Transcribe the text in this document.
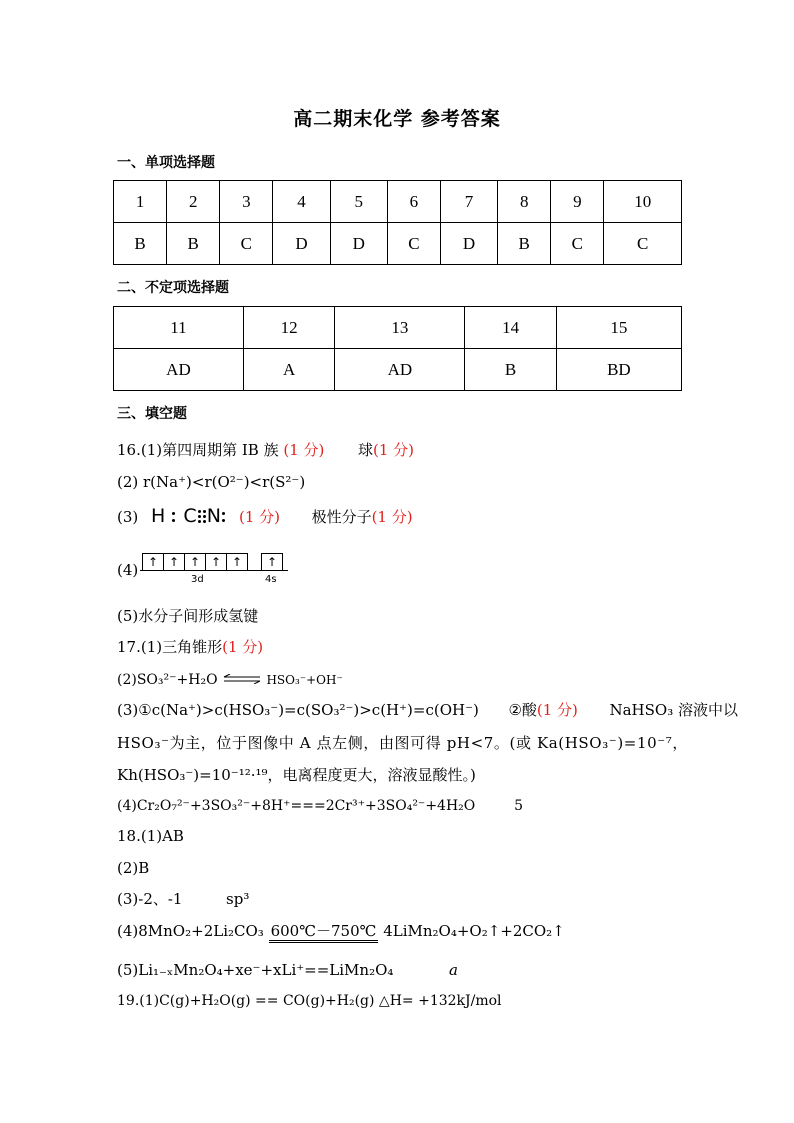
高二期末化学 参考答案
一、单项选择题
1	2	3	4	5	6	7	8	9	10
B	B	C	D	D	C	D	B	C	C
二、不定项选择题
11	12	13	14	15
AD	A	AD	B	BD
三、填空题
16.(1)第四周期第 IB 族 (1 分) 球(1 分)
(2) r(Na⁺)<r(O²⁻)<r(S²⁻)
(3) H C N (1 分) 极性分子(1 分)
(4) ↑ ↑ ↑ ↑ ↑	↑
3d	4s
(5)水分子间形成氢键
17.(1)三角锥形(1 分)
(2)SO₃²⁻+H₂O ⇌ HSO₃⁻+OH⁻
(3)①c(Na⁺)>c(HSO₃⁻)=c(SO₃²⁻)>c(H⁺)=c(OH⁻) ②酸(1 分) NaHSO₃ 溶液中以
HSO₃⁻为主，位于图像中 A 点左侧，由图可得 pH<7。(或 Ka(HSO₃⁻)=10⁻⁷，
Kh(HSO₃⁻)=10⁻¹²·¹⁹，电离程度更大，溶液显酸性。)
(4)Cr₂O₇²⁻+3SO₃²⁻+8H⁺===2Cr³⁺+3SO₄²⁻+4H₂O	5
18.(1)AB
(2)B
(3)-2、-1	sp³
(4)8MnO₂+2Li₂CO₃ 600℃－750℃ 4LiMn₂O₄+O₂↑+2CO₂↑
(5)Li₁₋ₓMn₂O₄+xe⁻+xLi⁺==LiMn₂O₄	a
19.(1)C(g)+H₂O(g) == CO(g)+H₂(g) △H= +132kJ/mol
